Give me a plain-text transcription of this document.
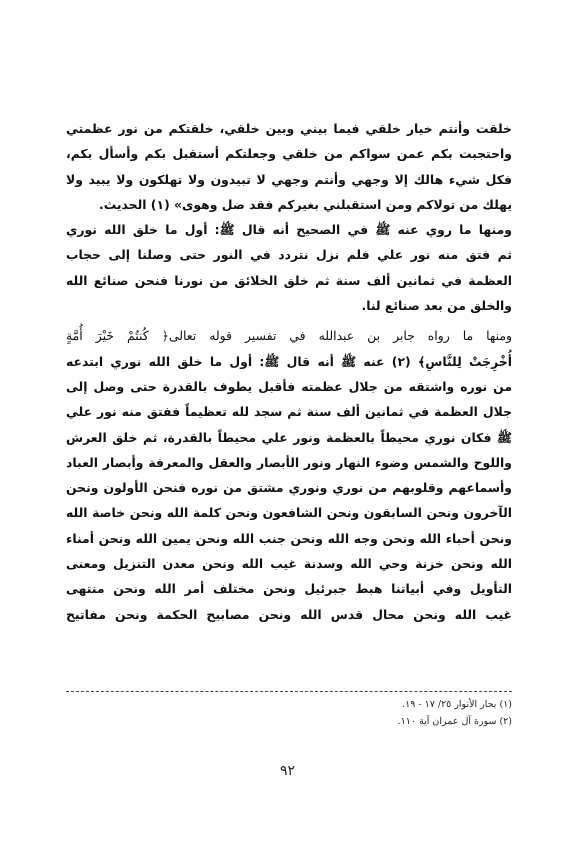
خلقت وأنتم خيار خلقي فيما بيني وبين خلقي، خلقتكم من نور عظمتي
واحتجبت بكم عمن سواكم من خلقي وجعلتكم أستقبل بكم وأسأل بكم،
فكل شيء هالك إلا وجهي وأنتم وجهي لا تبيدون ولا تهلكون ولا يبيد ولا
يهلك من تولاكم ومن استقبلني بغيركم فقد ضل وهوى» (١) الحديث.
ومنها ما روي عنه ﷺ في الصحيح أنه قال ﷺ: أول ما خلق الله نوري
ثم فتق منه نور علي فلم نزل نتردد في النور حتى وصلنا إلى حجاب
العظمة في ثمانين ألف سنة ثم خلق الخلائق من نورنا فنحن صنائع الله
والخلق من بعد صنائع لنا.
ومنها ما رواه جابر بن عبدالله في تفسير قوله تعالى﴿ كُنتُمْ خَيْرَ أُمَّةٍ
أُخْرِجَتْ لِلنَّاسِ﴾ (٢) عنه ﷺ أنه قال ﷺ: أول ما خلق الله نوري ابتدعه
من نوره واشتقه من جلال عظمته فأقبل يطوف بالقدرة حتى وصل إلى
جلال العظمة في ثمانين ألف سنة ثم سجد لله تعظيماً ففتق منه نور علي
ﷺ فكان نوري محيطاً بالعظمة ونور علي محيطاً بالقدرة، ثم خلق العرش
واللوح والشمس وضوء النهار ونور الأبصار والعقل والمعرفة وأبصار العباد
وأسماعهم وقلوبهم من نوري ونوري مشتق من نوره فنحن الأولون ونحن
الآخرون ونحن السابقون ونحن الشافعون ونحن كلمة الله ونحن خاصة الله
ونحن أحباء الله ونحن وجه الله ونحن جنب الله ونحن يمين الله ونحن أمناء
الله ونحن خزنة وحي الله وسدنة غيب الله ونحن معدن التنزيل ومعنى
التأويل وفي أبياتنا هبط جبرئيل ونحن مختلف أمر الله ونحن منتهى
غيب الله ونحن محال قدس الله ونحن مصابيح الحكمة ونحن مفاتيح
(١) بحار الأنوار ٢٥/ ١٧ - ١٩.
(٢) سورة آل عمران آية ١١٠.
٩٢
